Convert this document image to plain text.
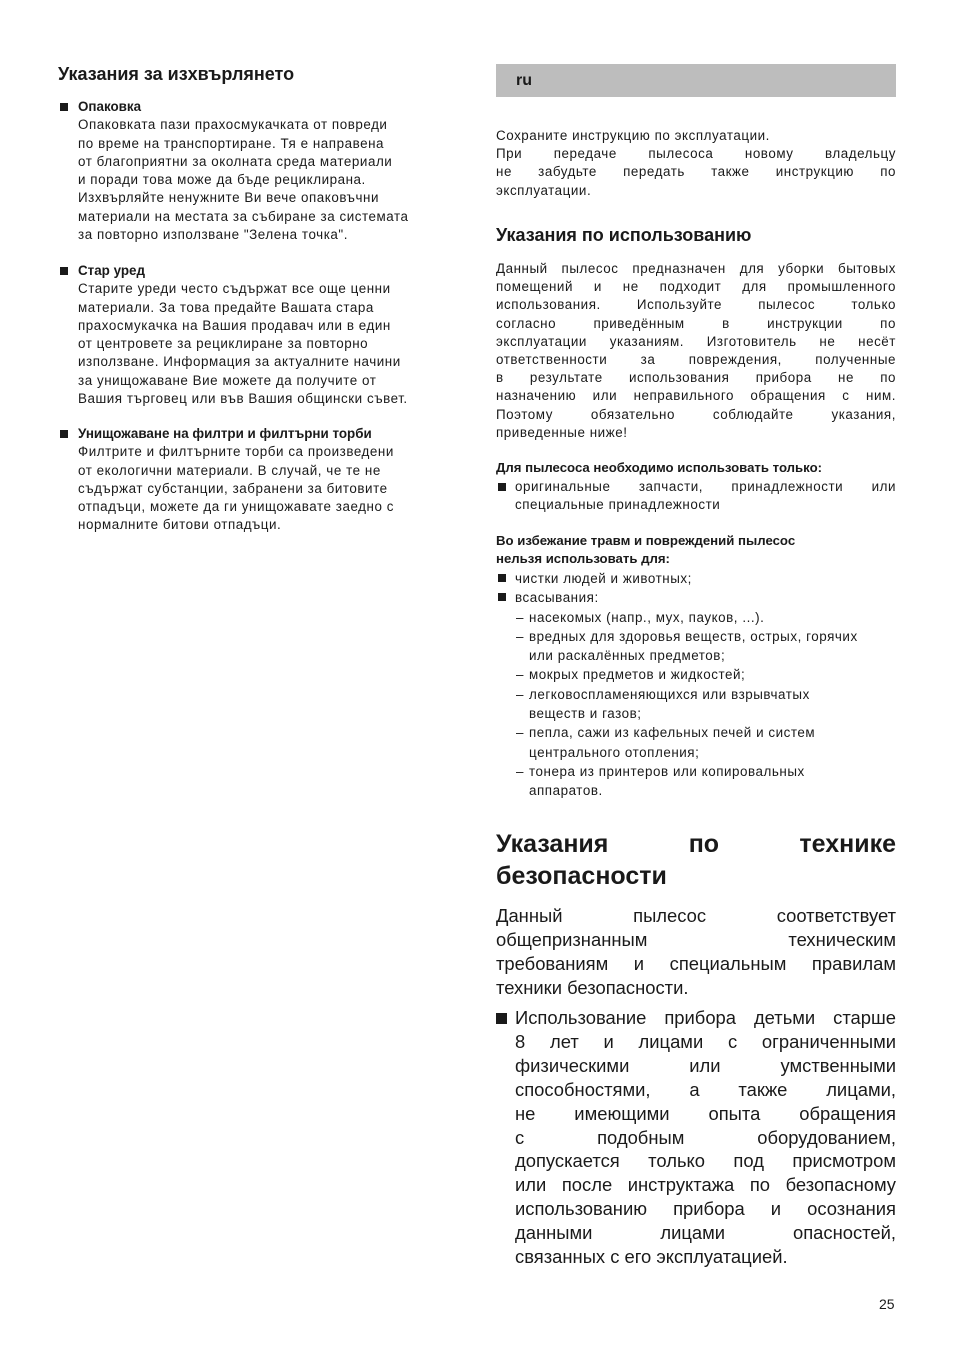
Указания за изхвърлянето
Опаковка
Опаковката пази прахосмукачката от повреди
по време на транспортиране. Тя е направена
от благоприятни за околната среда материали
и поради това може да бъде рециклирана.
Изхвърляйте ненужните Ви вече опаковъчни
материали на местата за събиране за системата
за повторно използване "Зелена точка".
Стар уред
Старите уреди често съдържат все още ценни
материали. За това предайте Вашата стара
прахосмукачка на Вашия продавач или в един
от центровете за рециклиране за повторно
използване. Информация за актуалните начини
за унищожаване Вие можете да получите от
Вашия търговец или във Вашия общински съвет.
Унищожаване на филтри и филтърни торби
Филтрите и филтърните торби са произведени
от екологични материали. В случай, че те не
съдържат субстанции, забранени за битовите
отпадъци, можете да ги унищожавате заедно с
нормалните битови отпадъци.
ru
Сохраните инструкцию по эксплуатации.
При передаче пылесоса новому владельцу
не забудьте передать также инструкцию по
эксплуатации.
Указания по использованию
Данный пылесос предназначен для уборки бытовых
помещений и не подходит для промышленного
использования. Используйте пылесос только
согласно приведённым в инструкции по
эксплуатации указаниям. Изготовитель не несёт
ответственности за повреждения, полученные
в результате использования прибора не по
назначению или неправильного обращения с ним.
Поэтому обязательно соблюдайте указания,
приведенные ниже!
Для пылесоса необходимо использовать только:
оригинальные запчасти, принадлежности или
специальные принадлежности
Во избежание травм и повреждений пылесос
нельзя использовать для:
чистки людей и животных;
всасывания:
– насекомых (напр., мух, пауков, ...).
– вредных для здоровья веществ, острых, горячих
или раскалённых предметов;
– мокрых предметов и жидкостей;
– легковоспламеняющихся или взрывчатых
веществ и газов;
– пепла, сажи из кафельных печей и систем
центрального отопления;
– тонера из принтеров или копировальных
аппаратов.
Указания по технике
безопасности
Данный пылесос соответствует
общепризнанным техническим
требованиям и специальным правилам
техники безопасности.
Использование прибора детьми старше
8 лет и лицами с ограниченными
физическими или умственными
способностями, а также лицами,
не имеющими опыта обращения
с подобным оборудованием,
допускается только под присмотром
или после инструктажа по безопасному
использованию прибора и осознания
данными лицами опасностей,
связанных с его эксплуатацией.
25
